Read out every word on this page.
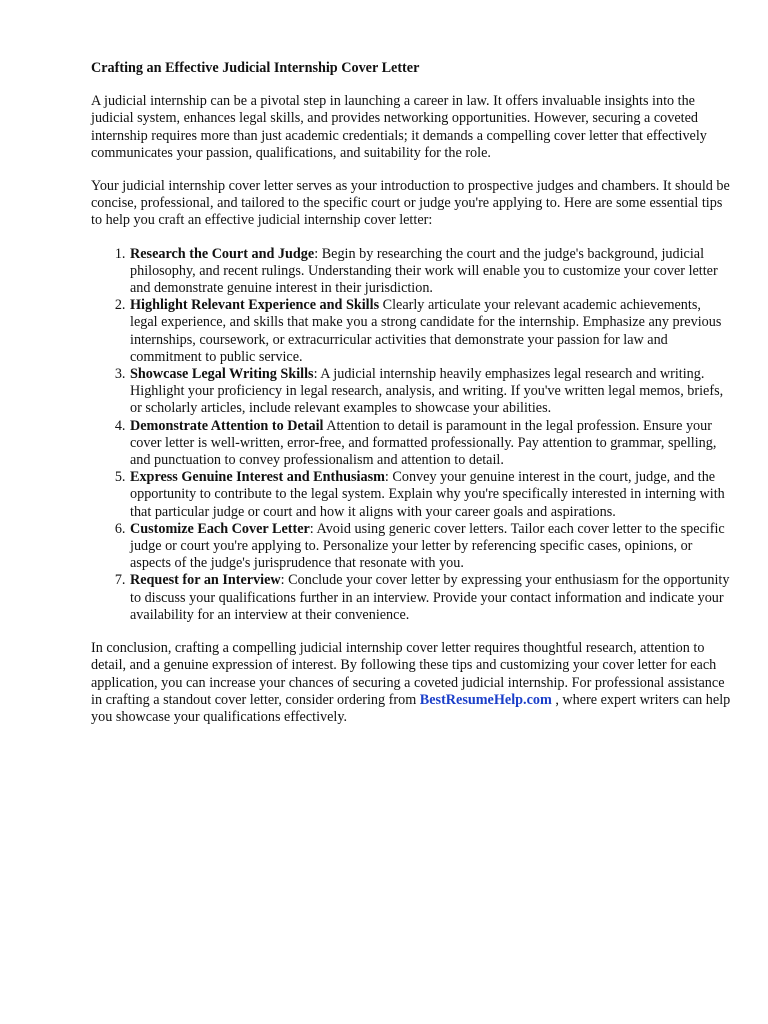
Crafting an Effective Judicial Internship Cover Letter

A judicial internship can be a pivotal step in launching a career in law. It offers invaluable insights into the judicial system, enhances legal skills, and provides networking opportunities. However, securing a coveted internship requires more than just academic credentials; it demands a compelling cover letter that effectively communicates your passion, qualifications, and suitability for the role.

Your judicial internship cover letter serves as your introduction to prospective judges and chambers. It should be concise, professional, and tailored to the specific court or judge you're applying to. Here are some essential tips to help you craft an effective judicial internship cover letter:

1. Research the Court and Judge: Begin by researching the court and the judge's background, judicial philosophy, and recent rulings. Understanding their work will enable you to customize your cover letter and demonstrate genuine interest in their jurisdiction.
2. Highlight Relevant Experience and Skills Clearly articulate your relevant academic achievements, legal experience, and skills that make you a strong candidate for the internship. Emphasize any previous internships, coursework, or extracurricular activities that demonstrate your passion for law and commitment to public service.
3. Showcase Legal Writing Skills: A judicial internship heavily emphasizes legal research and writing. Highlight your proficiency in legal research, analysis, and writing. If you've written legal memos, briefs, or scholarly articles, include relevant examples to showcase your abilities.
4. Demonstrate Attention to Detail Attention to detail is paramount in the legal profession. Ensure your cover letter is well-written, error-free, and formatted professionally. Pay attention to grammar, spelling, and punctuation to convey professionalism and attention to detail.
5. Express Genuine Interest and Enthusiasm: Convey your genuine interest in the court, judge, and the opportunity to contribute to the legal system. Explain why you're specifically interested in interning with that particular judge or court and how it aligns with your career goals and aspirations.
6. Customize Each Cover Letter: Avoid using generic cover letters. Tailor each cover letter to the specific judge or court you're applying to. Personalize your letter by referencing specific cases, opinions, or aspects of the judge's jurisprudence that resonate with you.
7. Request for an Interview: Conclude your cover letter by expressing your enthusiasm for the opportunity to discuss your qualifications further in an interview. Provide your contact information and indicate your availability for an interview at their convenience.

In conclusion, crafting a compelling judicial internship cover letter requires thoughtful research, attention to detail, and a genuine expression of interest. By following these tips and customizing your cover letter for each application, you can increase your chances of securing a coveted judicial internship. For professional assistance in crafting a standout cover letter, consider ordering from BestResumeHelp.com , where expert writers can help you showcase your qualifications effectively.
